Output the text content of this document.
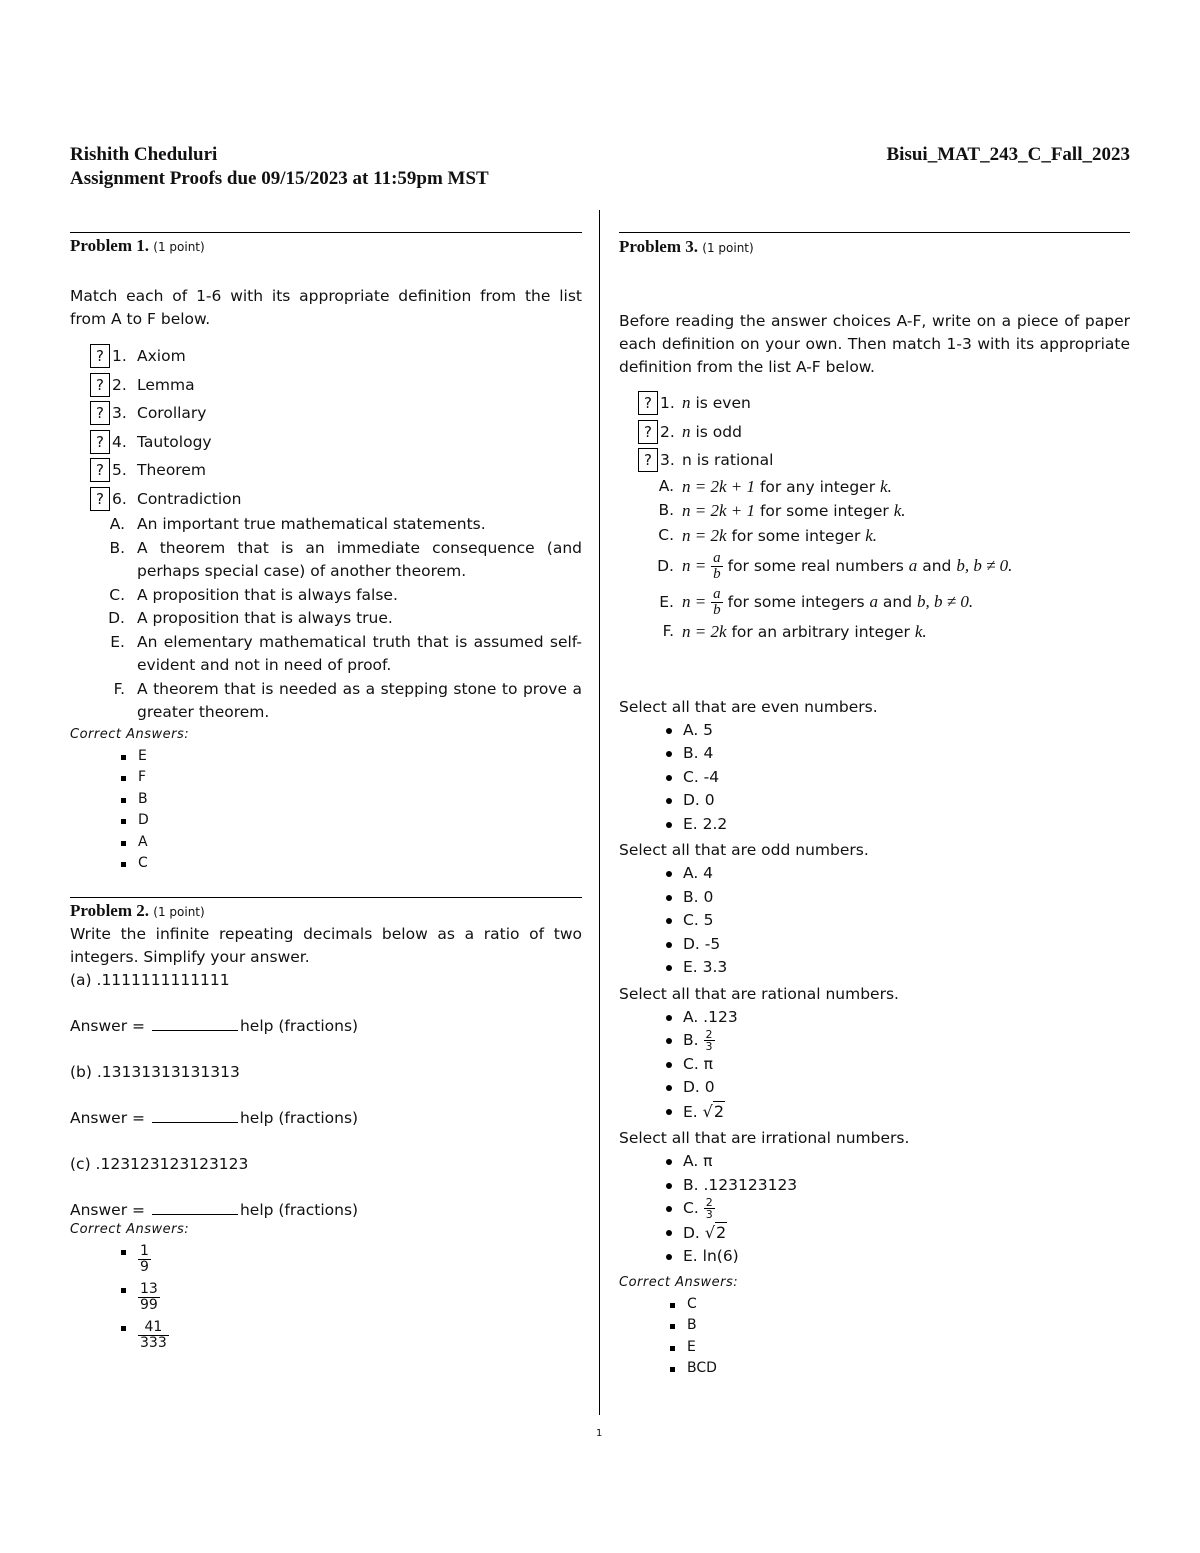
Rishith Cheduluri
Assignment Proofs due 09/15/2023 at 11:59pm MST
Bisui_MAT_243_C_Fall_2023
Problem 1. (1 point)

Match each of 1-6 with its appropriate definition from the list from A to F below.

? 1. Axiom
? 2. Lemma
? 3. Corollary
? 4. Tautology
? 5. Theorem
? 6. Contradiction
A. An important true mathematical statements.
B. A theorem that is an immediate consequence (and perhaps special case) of another theorem.
C. A proposition that is always false.
D. A proposition that is always true.
E. An elementary mathematical truth that is assumed self-evident and not in need of proof.
F. A theorem that is needed as a stepping stone to prove a greater theorem.
Correct Answers:
E
F
B
D
A
C
Problem 2. (1 point)

Write the infinite repeating decimals below as a ratio of two integers. Simplify your answer.

(a) .1111111111111

Answer =	help (fractions)

(b) .13131313131313

Answer =	help (fractions)

(c) .123123123123123

Answer =	help (fractions)

Correct Answers:
$\frac{1}{9}$
$\frac{13}{99}$
$\frac{41}{333}$
Problem 3. (1 point)

Before reading the answer choices A-F, write on a piece of paper each definition on your own. Then match 1-3 with its appropriate definition from the list A-F below.

? 1. n is even
? 2. n is odd
? 3. n is rational
A. n = 2k + 1 for any integer k.
B. n = 2k + 1 for some integer k.
C. n = 2k for some integer k.
D. $n = \frac{a}{b}$ for some real numbers a and b, b ≠ 0.
E. $n = \frac{a}{b}$ for some integers a and b, b ≠ 0.
F. n = 2k for an arbitrary integer k.

Select all that are even numbers.

A. 5
B. 4
C. -4
D. 0
E. 2.2

Select all that are odd numbers.

A. 4
B. 0
C. 5
D. -5
E. 3.3

Select all that are rational numbers.

A. .123
B. $\frac{2}{3}$
C. π
D. 0
E. √2

Select all that are irrational numbers.

A. π
B. .123123123
C. $\frac{2}{3}$
D. √2
E. ln(6)
Correct Answers:
C
B
E
BCD
1
